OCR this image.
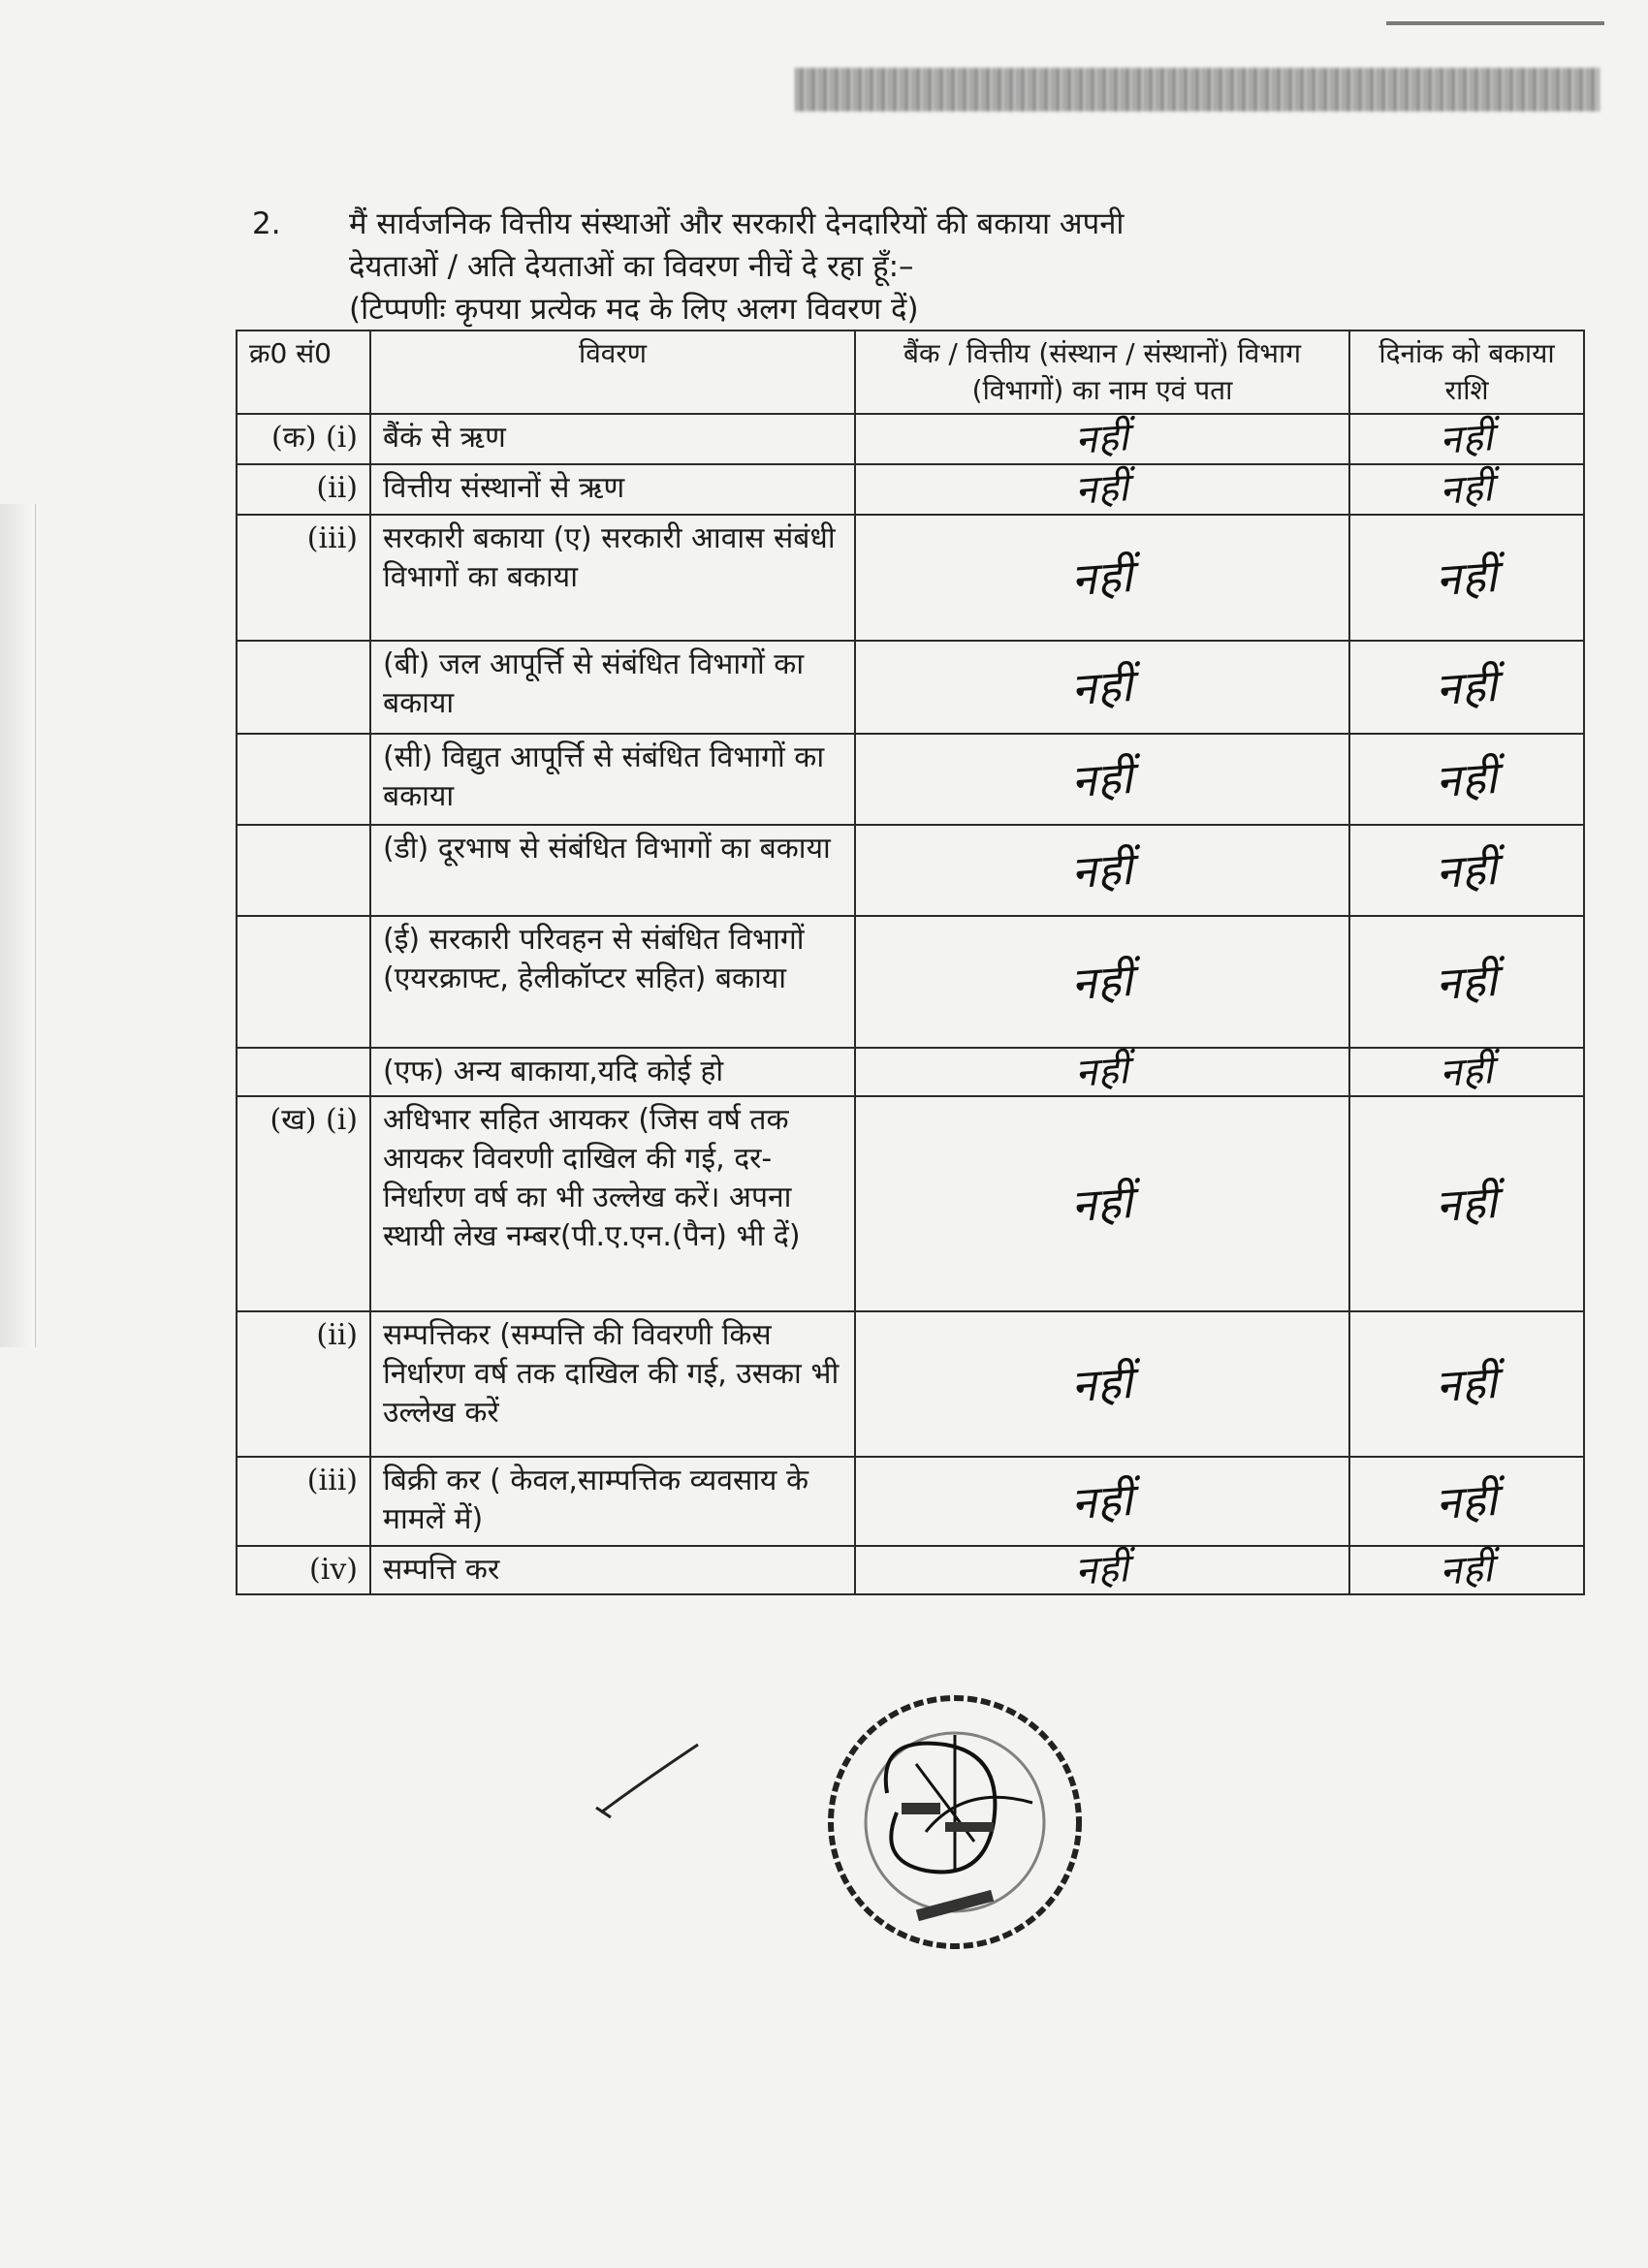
2. मैं सार्वजनिक वित्तीय संस्थाओं और सरकारी देनदारियों की बकाया अपनी
देयताओं / अति देयताओं का विवरण नीचें दे रहा हूँ:–
(टिप्पणीः कृपया प्रत्येक मद के लिए अलग विवरण दें)
क्र0 सं0	विवरण	बैंक / वित्तीय (संस्थान / संस्थानों) विभाग (विभागों) का नाम एवं पता	दिनांक को बकाया राशि
(क) (i)	बैंकं से ऋण	नहीं	नहीं
(ii)	वित्तीय संस्थानों से ऋण	नहीं	नहीं
(iii)	सरकारी बकाया (ए) सरकारी आवास संबंधी विभागों का बकाया	नहीं	नहीं
	(बी) जल आपूर्त्ति से संबंधित विभागों का बकाया	नहीं	नहीं
	(सी) विद्युत आपूर्त्ति से संबंधित विभागों का बकाया	नहीं	नहीं
	(डी) दूरभाष से संबंधित विभागों का बकाया	नहीं	नहीं
	(ई) सरकारी परिवहन से संबंधित विभागों (एयरक्राफ्ट, हेलीकॉप्टर सहित) बकाया	नहीं	नहीं
	(एफ) अन्य बाकाया,यदि कोई हो	नहीं	नहीं
(ख) (i)	अधिभार सहित आयकर (जिस वर्ष तक आयकर विवरणी दाखिल की गई, दर-निर्धारण वर्ष का भी उल्लेख करें। अपना स्थायी लेख नम्बर(पी.ए.एन.(पैन) भी दें)	नहीं	नहीं
(ii)	सम्पत्तिकर (सम्पत्ति की विवरणी किस निर्धारण वर्ष तक दाखिल की गई, उसका भी उल्लेख करें	नहीं	नहीं
(iii)	बिक्री कर ( केवल,साम्पत्तिक व्यवसाय के मामलें में)	नहीं	नहीं
(iv)	सम्पत्ति कर	नहीं	नहीं
